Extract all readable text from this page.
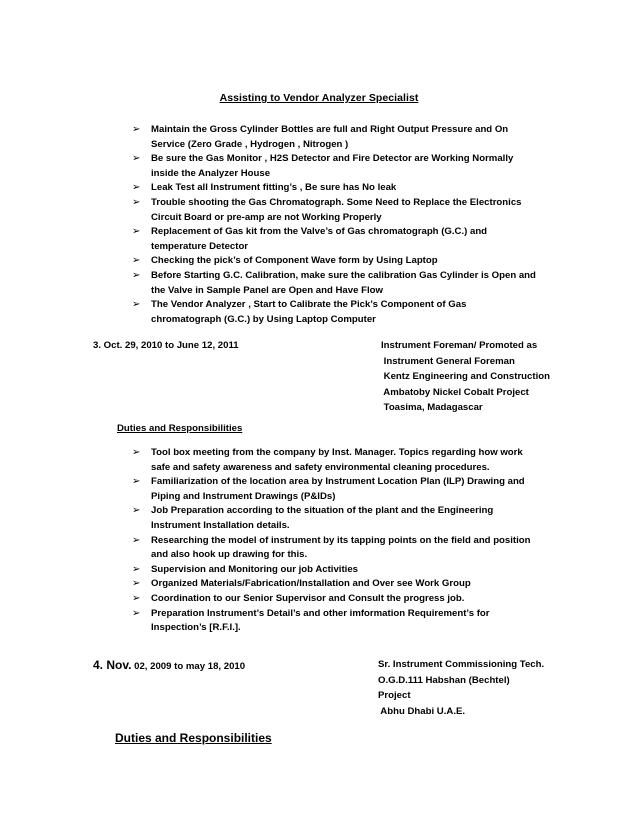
Assisting to Vendor Analyzer Specialist
➢ Maintain the Gross Cylinder Bottles are full and Right Output Pressure and On
Service (Zero Grade , Hydrogen , Nitrogen )
➢ Be sure the Gas Monitor , H2S Detector and Fire Detector are Working Normally
inside the Analyzer House
➢ Leak Test all Instrument fitting’s , Be sure has No leak
➢ Trouble shooting the Gas Chromatograph. Some Need to Replace the Electronics
Circuit Board or pre-amp are not Working Properly
➢ Replacement of Gas kit from the Valve’s of Gas chromatograph (G.C.) and
temperature Detector
➢ Checking the pick’s of Component Wave form by Using Laptop
➢ Before Starting G.C. Calibration, make sure the calibration Gas Cylinder is Open and
the Valve in Sample Panel are Open and Have Flow
➢ The Vendor Analyzer , Start to Calibrate the Pick’s Component of Gas
chromatograph (G.C.) by Using Laptop Computer
3. Oct. 29, 2010 to June 12, 2011	Instrument Foreman/ Promoted as
Instrument General Foreman
Kentz Engineering and Construction
Ambatoby Nickel Cobalt Project
Toasima, Madagascar
Duties and Responsibilities
➢ Tool box meeting from the company by Inst. Manager. Topics regarding how work
safe and safety awareness and safety environmental cleaning procedures.
➢ Familiarization of the location area by Instrument Location Plan (ILP) Drawing and
Piping and Instrument Drawings (P&IDs)
➢ Job Preparation according to the situation of the plant and the Engineering
Instrument Installation details.
➢ Researching the model of instrument by its tapping points on the field and position
and also hook up drawing for this.
➢ Supervision and Monitoring our job Activities
➢ Organized Materials/Fabrication/Installation and Over see Work Group
➢ Coordination to our Senior Supervisor and Consult the progress job.
➢ Preparation Instrument’s Detail’s and other imformation Requirement’s for
Inspection’s [R.F.I.].
4. Nov. 02, 2009 to may 18, 2010	Sr. Instrument Commissioning Tech.
O.G.D.111 Habshan (Bechtel)
Project
Abhu Dhabi U.A.E.
Duties and Responsibilities
